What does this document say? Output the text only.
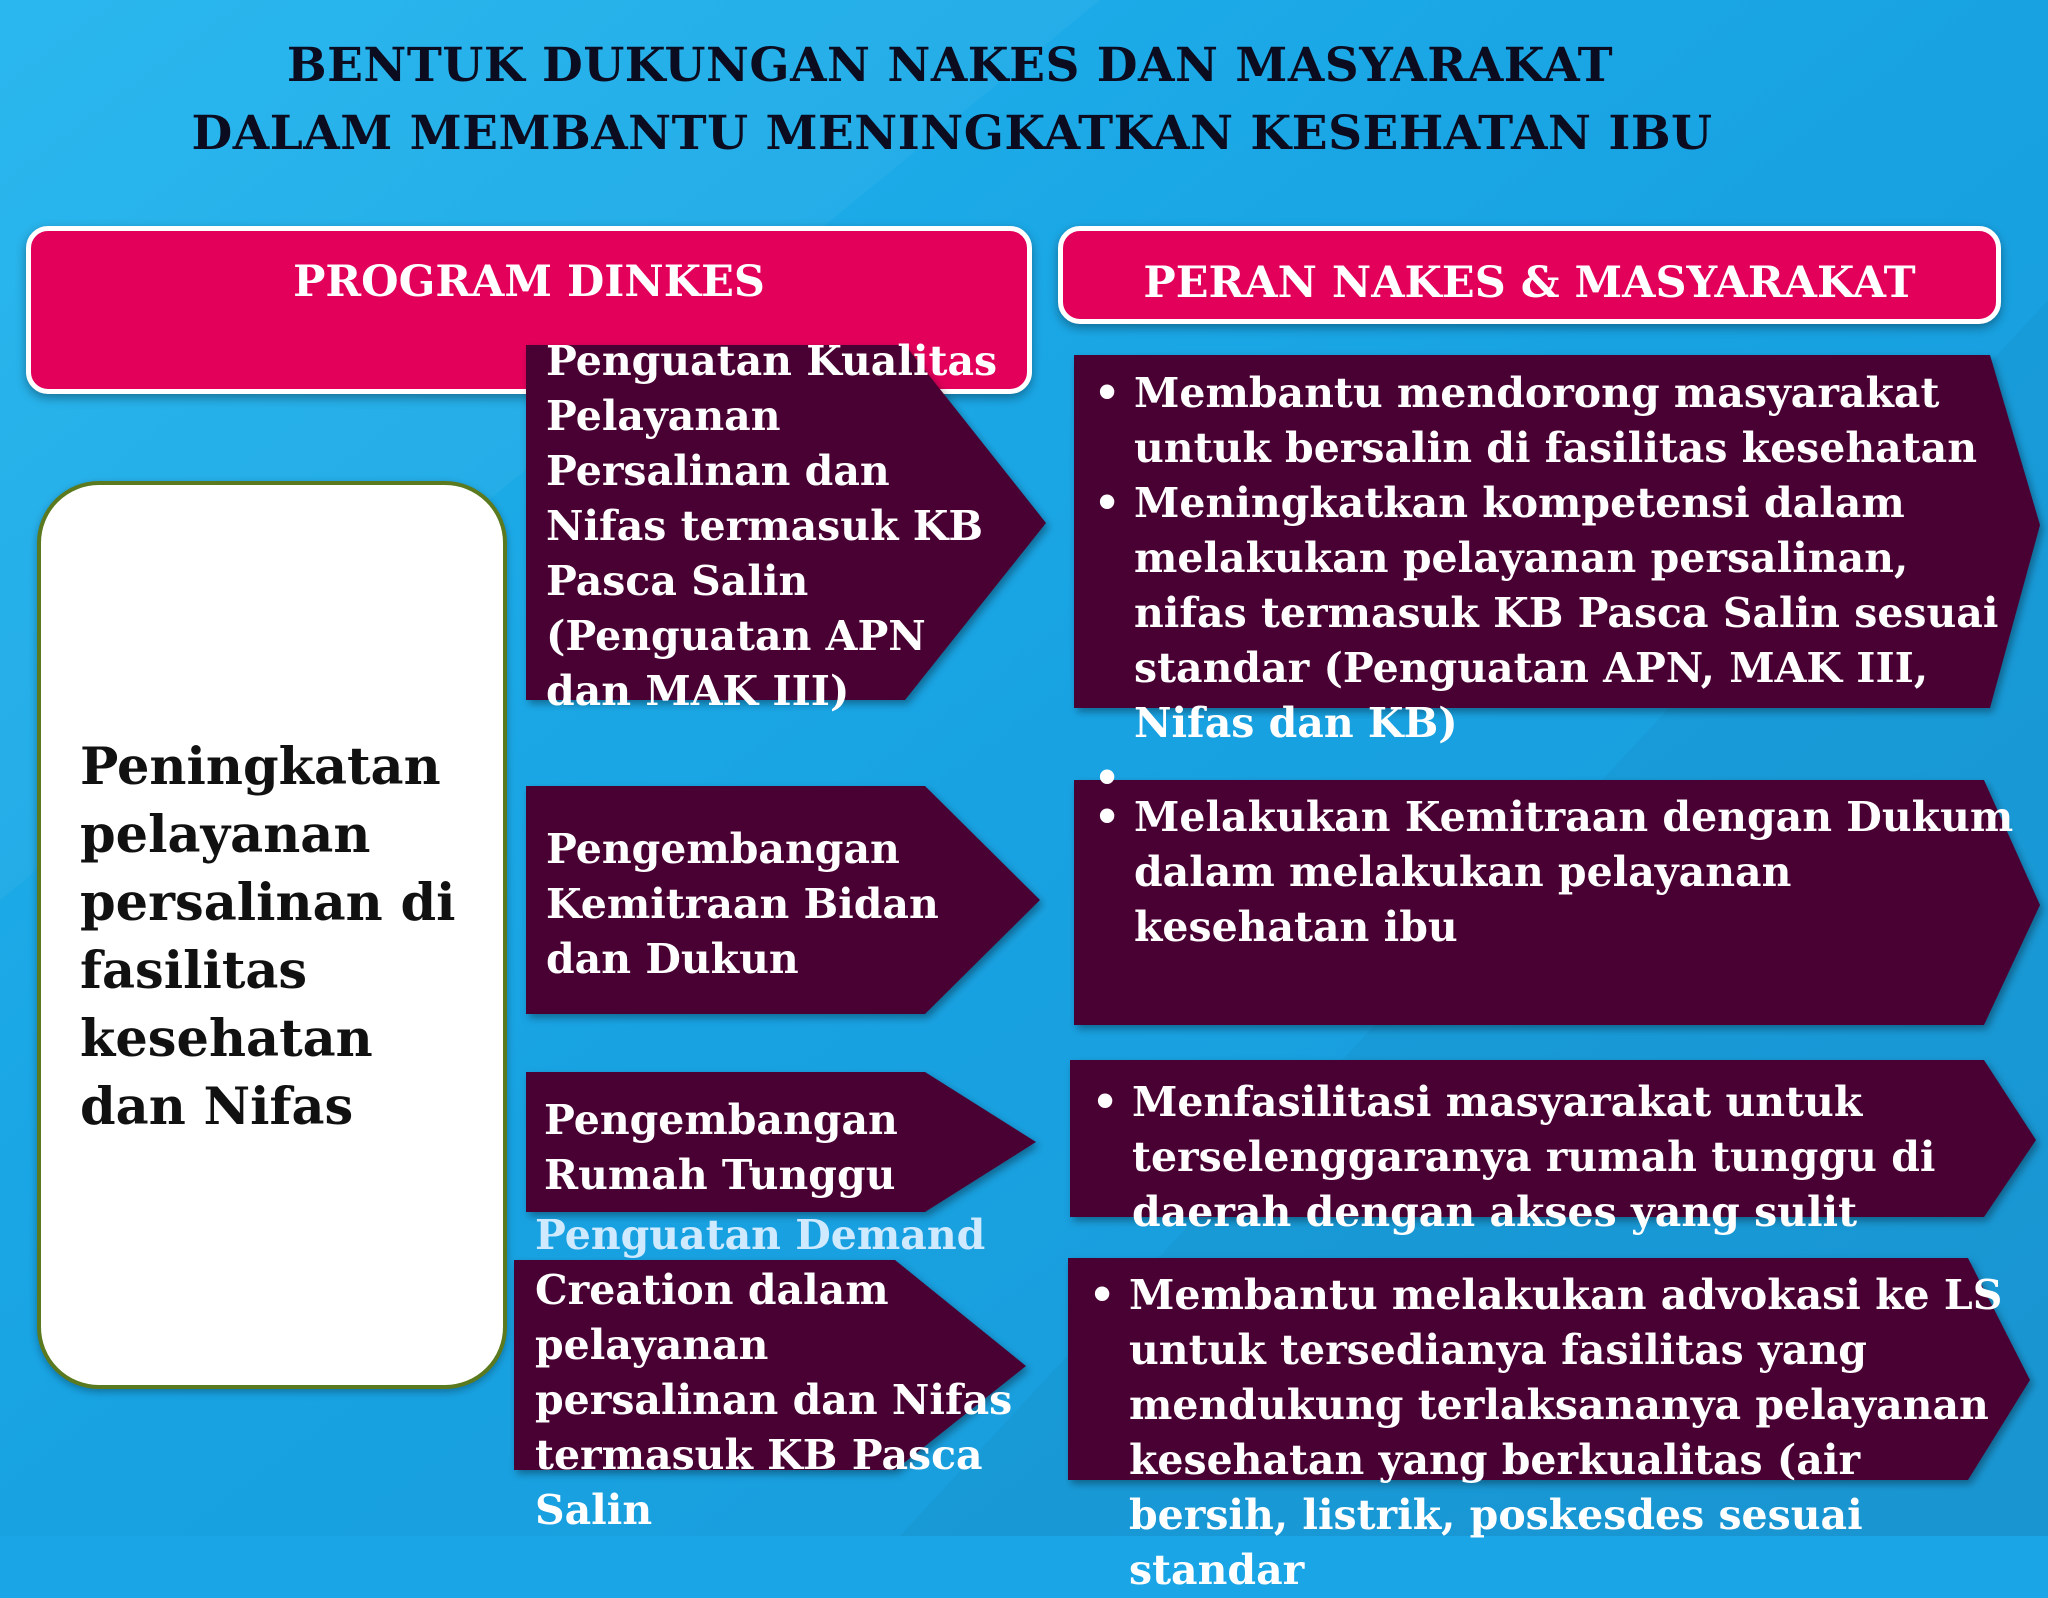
BENTUK DUKUNGAN NAKES DAN MASYARAKAT
DALAM MEMBANTU MENINGKATKAN KESEHATAN IBU
PROGRAM DINKES	PERAN NAKES & MASYARAKAT
Peningkatan
pelayanan
persalinan di
fasilitas
kesehatan
dan Nifas
Penguatan Kualitas
Pelayanan
Persalinan dan
Nifas termasuk KB
Pasca Salin
(Penguatan APN
dan MAK III)
Pengembangan
Kemitraan Bidan
dan Dukun
Pengembangan
Rumah Tunggu
Penguatan Demand
Creation dalam
pelayanan
persalinan dan Nifas
termasuk KB Pasca
Salin
• Membantu mendorong masyarakat untuk bersalin di fasilitas kesehatan
• Meningkatkan kompetensi dalam melakukan pelayanan persalinan, nifas termasuk KB Pasca Salin sesuai standar (Penguatan APN, MAK III, Nifas dan KB)
•
• Melakukan Kemitraan dengan Dukum dalam melakukan pelayanan kesehatan ibu
• Menfasilitasi masyarakat untuk terselenggaranya rumah tunggu di daerah dengan akses yang sulit
• Membantu melakukan advokasi ke LS untuk tersedianya fasilitas yang mendukung terlaksananya pelayanan kesehatan yang berkualitas (air bersih, listrik, poskesdes sesuai standar
